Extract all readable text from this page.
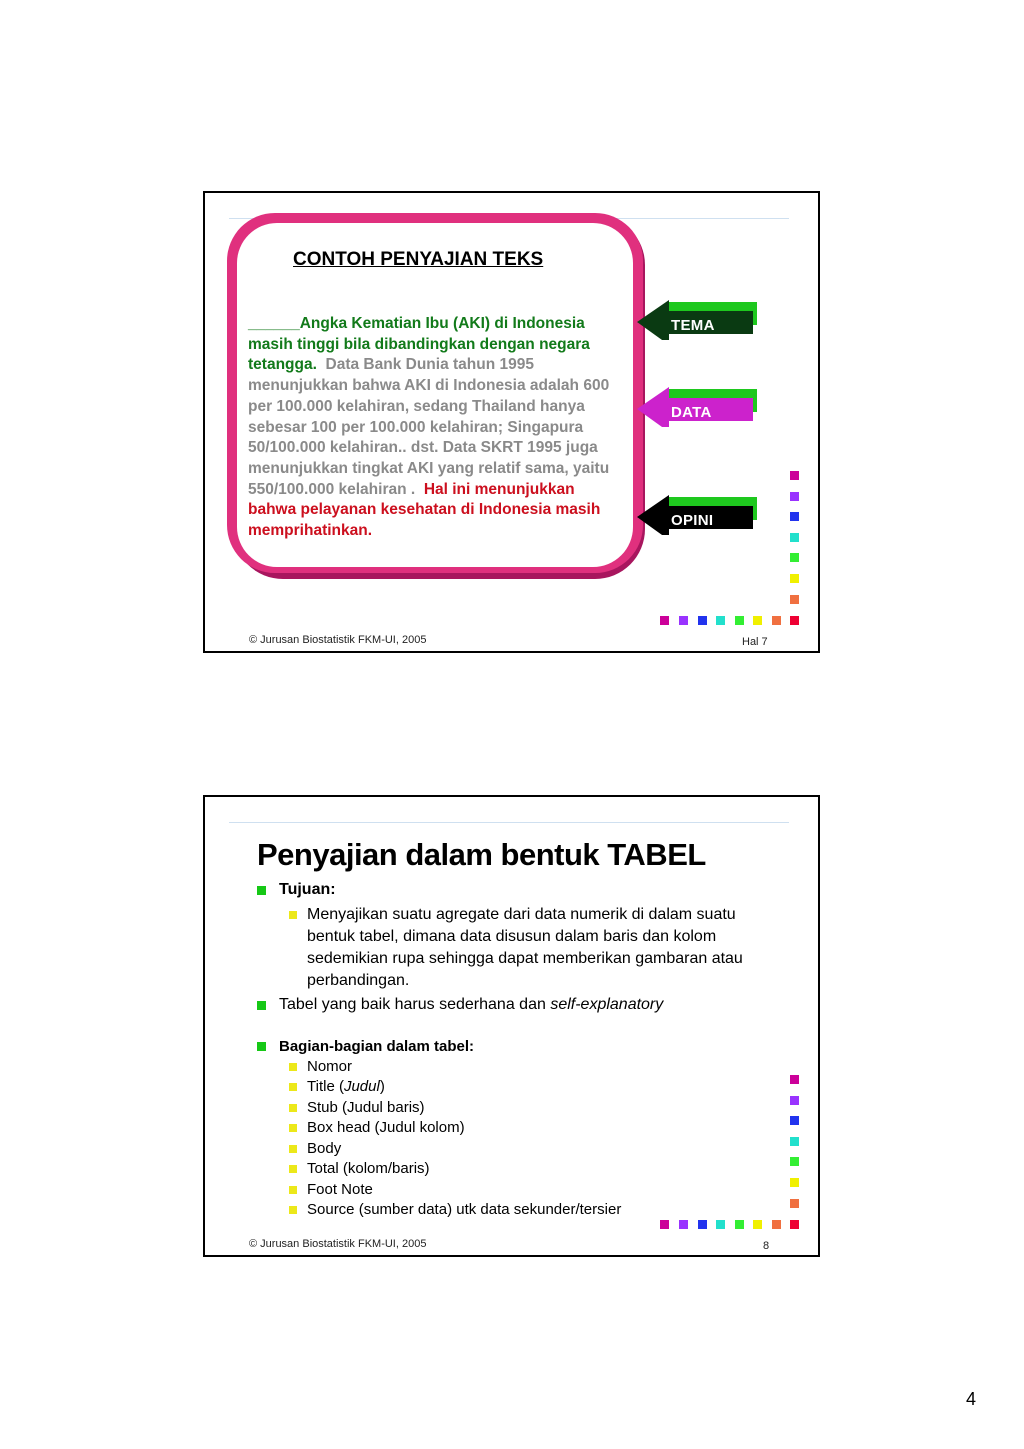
CONTOH PENYAJIAN TEKS
______Angka Kematian Ibu (AKI) di Indonesia masih tinggi bila dibandingkan dengan negara tetangga. Data Bank Dunia tahun 1995 menunjukkan bahwa AKI di Indonesia adalah 600 per 100.000 kelahiran, sedang Thailand hanya sebesar 100 per 100.000 kelahiran; Singapura 50/100.000 kelahiran.. dst. Data SKRT 1995 juga menunjukkan tingkat AKI yang relatif sama, yaitu 550/100.000 kelahiran . Hal ini menunjukkan bahwa pelayanan kesehatan di Indonesia masih memprihatinkan.
TEMA
DATA
OPINI
© Jurusan Biostatistik FKM-UI, 2005	Hal 7
Penyajian dalam bentuk TABEL
Tujuan:
Menyajikan suatu agregate dari data numerik di dalam suatu bentuk tabel, dimana data disusun dalam baris dan kolom sedemikian rupa sehingga dapat memberikan gambaran atau perbandingan.
Tabel yang baik harus sederhana dan self-explanatory
Bagian-bagian dalam tabel:
Nomor
Title (Judul)
Stub (Judul baris)
Box head (Judul kolom)
Body
Total (kolom/baris)
Foot Note
Source (sumber data) utk data sekunder/tersier
© Jurusan Biostatistik FKM-UI, 2005	8
4
